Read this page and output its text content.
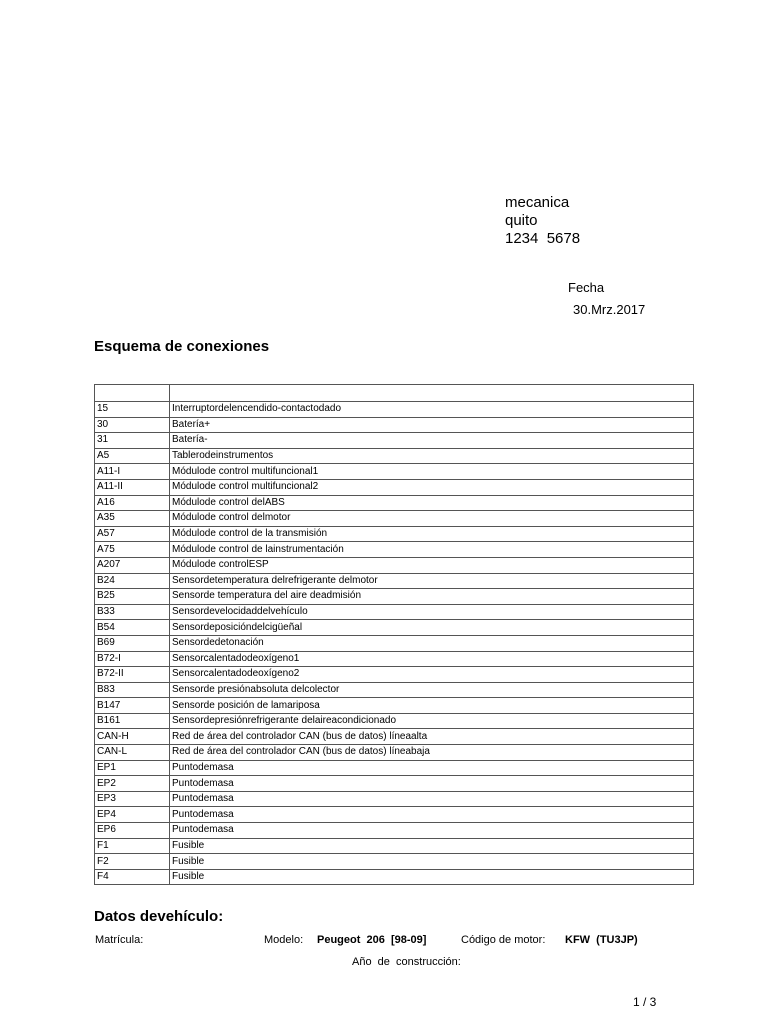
mecanica
quito
1234  5678
Fecha
30.Mrz.2017
Esquema de conexiones

15	Interruptordelencendido-contactodado
30	Batería+
31	Batería-
A5	Tablerodeinstrumentos
A11-I	Módulode control multifuncional1
A11-II	Módulode control multifuncional2
A16	Módulode control delABS
A35	Módulode control delmotor
A57	Módulode control de la transmisión
A75	Módulode control de lainstrumentación
A207	Módulode controlESP
B24	Sensordetemperatura delrefrigerante delmotor
B25	Sensorde temperatura del aire deadmisión
B33	Sensordevelocidaddelvehículo
B54	Sensordeposicióndelcigüeñal
B69	Sensordedetonación
B72-I	Sensorcalentadodeoxígeno1
B72-II	Sensorcalentadodeoxígeno2
B83	Sensorde presiónabsoluta delcolector
B147	Sensorde posición de lamariposa
B161	Sensordepresiónrefrigerante delaireacondicionado
CAN-H	Red de área del controlador CAN (bus de datos) líneaalta
CAN-L	Red de área del controlador CAN (bus de datos) líneabaja
EP1	Puntodemasa
EP2	Puntodemasa
EP3	Puntodemasa
EP4	Puntodemasa
EP6	Puntodemasa
F1	Fusible
F2	Fusible
F4	Fusible
Datos devehículo:
Matrícula:	Modelo: Peugeot  206  [98-09]	Código de motor: KFW  (TU3JP)
Año  de  construcción:
1 / 3
